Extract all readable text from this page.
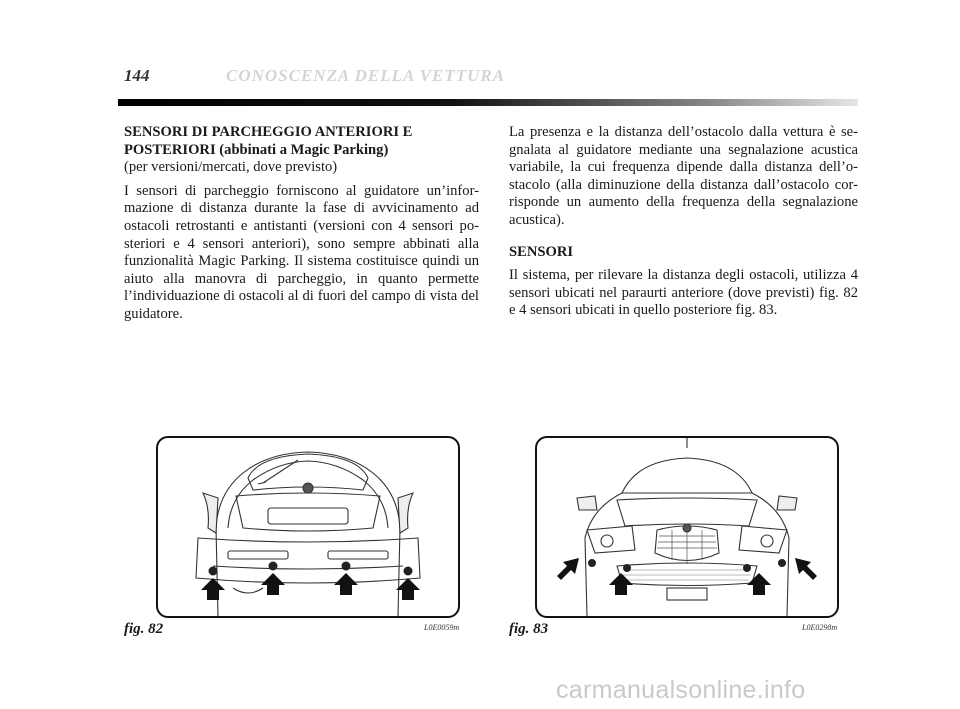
144	CONOSCENZA DELLA VETTURA
SENSORI DI PARCHEGGIO ANTERIORI E
POSTERIORI (abbinati a Magic Parking)
(per versioni/mercati, dove previsto)

I sensori di parcheggio forniscono al guidatore un’infor-mazione di distanza durante la fase di avvicinamento ad ostacoli retrostanti e antistanti (versioni con 4 sensori po-steriori e 4 sensori anteriori), sono sempre abbinati alla funzionalità Magic Parking. Il sistema costituisce quindi un aiuto alla manovra di parcheggio, in quanto permette l’individuazione di ostacoli al di fuori del campo di vista del guidatore.

La presenza e la distanza dell’ostacolo dalla vettura è se-gnalata al guidatore mediante una segnalazione acustica variabile, la cui frequenza dipende dalla distanza dell’o-stacolo (alla diminuzione della distanza dall’ostacolo cor-risponde un aumento della frequenza della segnalazione acustica).

SENSORI

Il sistema, per rilevare la distanza degli ostacoli, utilizza 4 sensori ubicati nel paraurti anteriore (dove previsti) fig. 82 e 4 sensori ubicati in quello posteriore fig. 83.

fig. 82	L0E0059m	fig. 83	L0E0298m
carmanualsonline.info
